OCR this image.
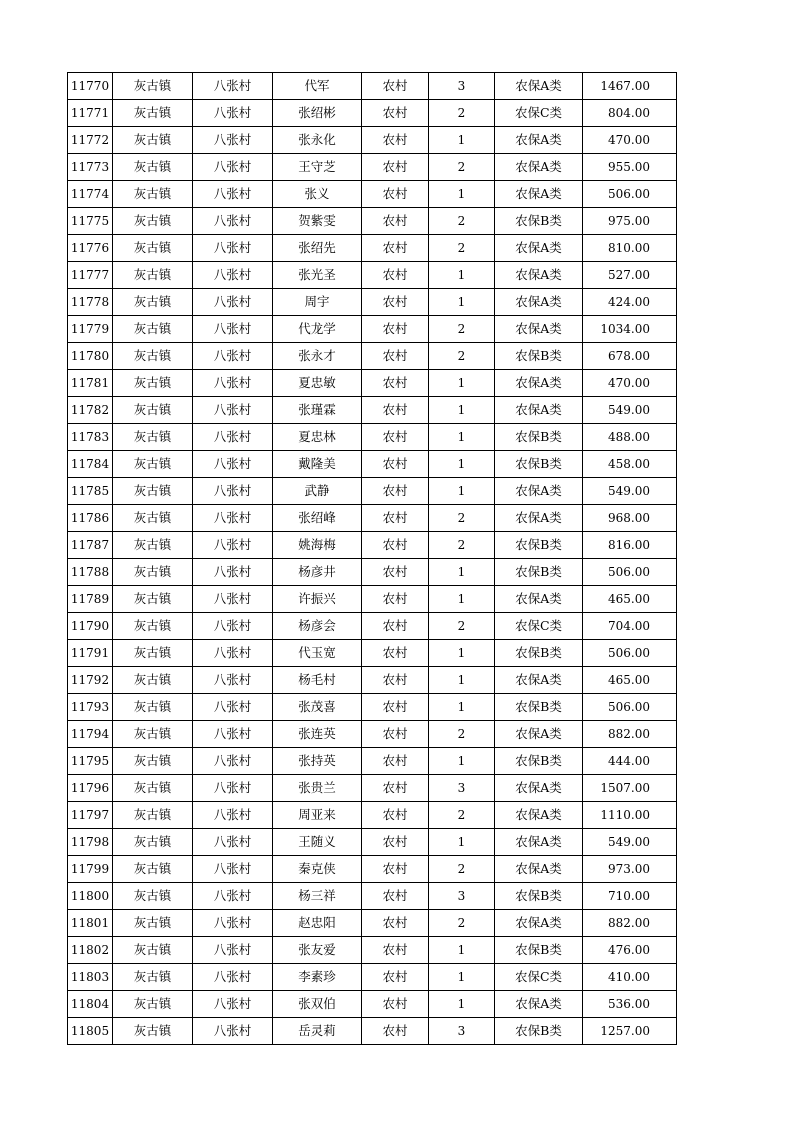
11770	灰古镇	八张村	代军	农村	3	农保A类	1467.00
11771	灰古镇	八张村	张绍彬	农村	2	农保C类	804.00
11772	灰古镇	八张村	张永化	农村	1	农保A类	470.00
11773	灰古镇	八张村	王守芝	农村	2	农保A类	955.00
11774	灰古镇	八张村	张义	农村	1	农保A类	506.00
11775	灰古镇	八张村	贺紫雯	农村	2	农保B类	975.00
11776	灰古镇	八张村	张绍先	农村	2	农保A类	810.00
11777	灰古镇	八张村	张光圣	农村	1	农保A类	527.00
11778	灰古镇	八张村	周宇	农村	1	农保A类	424.00
11779	灰古镇	八张村	代龙学	农村	2	农保A类	1034.00
11780	灰古镇	八张村	张永才	农村	2	农保B类	678.00
11781	灰古镇	八张村	夏忠敏	农村	1	农保A类	470.00
11782	灰古镇	八张村	张瑾霖	农村	1	农保A类	549.00
11783	灰古镇	八张村	夏忠林	农村	1	农保B类	488.00
11784	灰古镇	八张村	戴隆美	农村	1	农保B类	458.00
11785	灰古镇	八张村	武静	农村	1	农保A类	549.00
11786	灰古镇	八张村	张绍峰	农村	2	农保A类	968.00
11787	灰古镇	八张村	姚海梅	农村	2	农保B类	816.00
11788	灰古镇	八张村	杨彦井	农村	1	农保B类	506.00
11789	灰古镇	八张村	许振兴	农村	1	农保A类	465.00
11790	灰古镇	八张村	杨彦会	农村	2	农保C类	704.00
11791	灰古镇	八张村	代玉宽	农村	1	农保B类	506.00
11792	灰古镇	八张村	杨毛村	农村	1	农保A类	465.00
11793	灰古镇	八张村	张茂喜	农村	1	农保B类	506.00
11794	灰古镇	八张村	张连英	农村	2	农保A类	882.00
11795	灰古镇	八张村	张持英	农村	1	农保B类	444.00
11796	灰古镇	八张村	张贵兰	农村	3	农保A类	1507.00
11797	灰古镇	八张村	周亚来	农村	2	农保A类	1110.00
11798	灰古镇	八张村	王随义	农村	1	农保A类	549.00
11799	灰古镇	八张村	秦克侠	农村	2	农保A类	973.00
11800	灰古镇	八张村	杨三祥	农村	3	农保B类	710.00
11801	灰古镇	八张村	赵忠阳	农村	2	农保A类	882.00
11802	灰古镇	八张村	张友爱	农村	1	农保B类	476.00
11803	灰古镇	八张村	李素珍	农村	1	农保C类	410.00
11804	灰古镇	八张村	张双伯	农村	1	农保A类	536.00
11805	灰古镇	八张村	岳灵莉	农村	3	农保B类	1257.00
